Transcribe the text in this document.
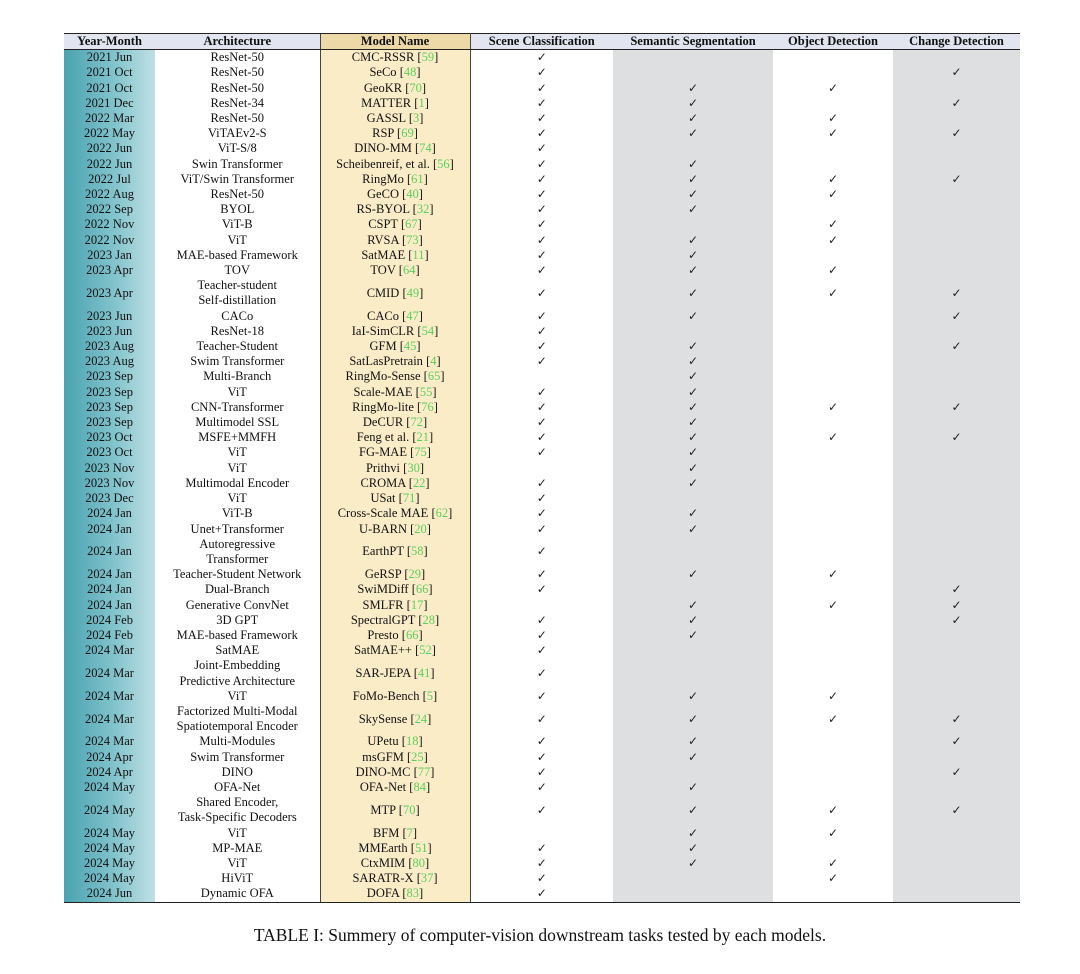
Year-Month	Architecture	Model Name	Scene Classification	Semantic Segmentation	Object Detection	Change Detection
2021 Jun	ResNet-50	CMC-RSSR [59]	✓			
2021 Oct	ResNet-50	SeCo [48]	✓			✓
2021 Oct	ResNet-50	GeoKR [70]	✓	✓	✓	
2021 Dec	ResNet-34	MATTER [1]	✓	✓		✓
2022 Mar	ResNet-50	GASSL [3]	✓	✓	✓	
2022 May	ViTAEv2-S	RSP [69]	✓	✓	✓	✓
2022 Jun	ViT-S/8	DINO-MM [74]	✓			
2022 Jun	Swin Transformer	Scheibenreif, et al. [56]	✓	✓		
2022 Jul	ViT/Swin Transformer	RingMo [61]	✓	✓	✓	✓
2022 Aug	ResNet-50	GeCO [40]	✓	✓	✓	
2022 Sep	BYOL	RS-BYOL [32]	✓	✓		
2022 Nov	ViT-B	CSPT [67]	✓		✓	
2022 Nov	ViT	RVSA [73]	✓	✓	✓	
2023 Jan	MAE-based Framework	SatMAE [11]	✓	✓		
2023 Apr	TOV	TOV [64]	✓	✓	✓	
2023 Apr	Teacher-student
Self-distillation	CMID [49]	✓	✓	✓	✓
2023 Jun	CACo	CACo [47]	✓	✓		✓
2023 Jun	ResNet-18	IaI-SimCLR [54]	✓			
2023 Aug	Teacher-Student	GFM [45]	✓	✓		✓
2023 Aug	Swim Transformer	SatLasPretrain [4]	✓	✓		
2023 Sep	Multi-Branch	RingMo-Sense [65]		✓		
2023 Sep	ViT	Scale-MAE [55]	✓	✓		
2023 Sep	CNN-Transformer	RingMo-lite [76]	✓	✓	✓	✓
2023 Sep	Multimodel SSL	DeCUR [72]	✓	✓		
2023 Oct	MSFE+MMFH	Feng et al. [21]	✓	✓	✓	✓
2023 Oct	ViT	FG-MAE [75]	✓	✓		
2023 Nov	ViT	Prithvi [30]		✓		
2023 Nov	Multimodal Encoder	CROMA [22]	✓	✓		
2023 Dec	ViT	USat [71]	✓			
2024 Jan	ViT-B	Cross-Scale MAE [62]	✓	✓		
2024 Jan	Unet+Transformer	U-BARN [20]	✓	✓		
2024 Jan	Autoregressive
Transformer	EarthPT [58]	✓			
2024 Jan	Teacher-Student Network	GeRSP [29]	✓	✓	✓	
2024 Jan	Dual-Branch	SwiMDiff [66]	✓			✓
2024 Jan	Generative ConvNet	SMLFR [17]		✓	✓	✓
2024 Feb	3D GPT	SpectralGPT [28]	✓	✓		✓
2024 Feb	MAE-based Framework	Presto [66]	✓	✓		
2024 Mar	SatMAE	SatMAE++ [52]	✓			
2024 Mar	Joint-Embedding
Predictive Architecture	SAR-JEPA [41]	✓			
2024 Mar	ViT	FoMo-Bench [5]	✓	✓	✓	
2024 Mar	Factorized Multi-Modal
Spatiotemporal Encoder	SkySense [24]	✓	✓	✓	✓
2024 Mar	Multi-Modules	UPetu [18]	✓	✓		✓
2024 Apr	Swim Transformer	msGFM [25]	✓	✓		
2024 Apr	DINO	DINO-MC [77]	✓			✓
2024 May	OFA-Net	OFA-Net [84]	✓	✓		
2024 May	Shared Encoder,
Task-Specific Decoders	MTP [70]	✓	✓	✓	✓
2024 May	ViT	BFM [7]		✓	✓	
2024 May	MP-MAE	MMEarth [51]	✓	✓		
2024 May	ViT	CtxMIM [80]	✓	✓	✓	
2024 May	HiViT	SARATR-X [37]	✓		✓	
2024 Jun	Dynamic OFA	DOFA [83]	✓			
TABLE I: Summery of computer-vision downstream tasks tested by each models.
